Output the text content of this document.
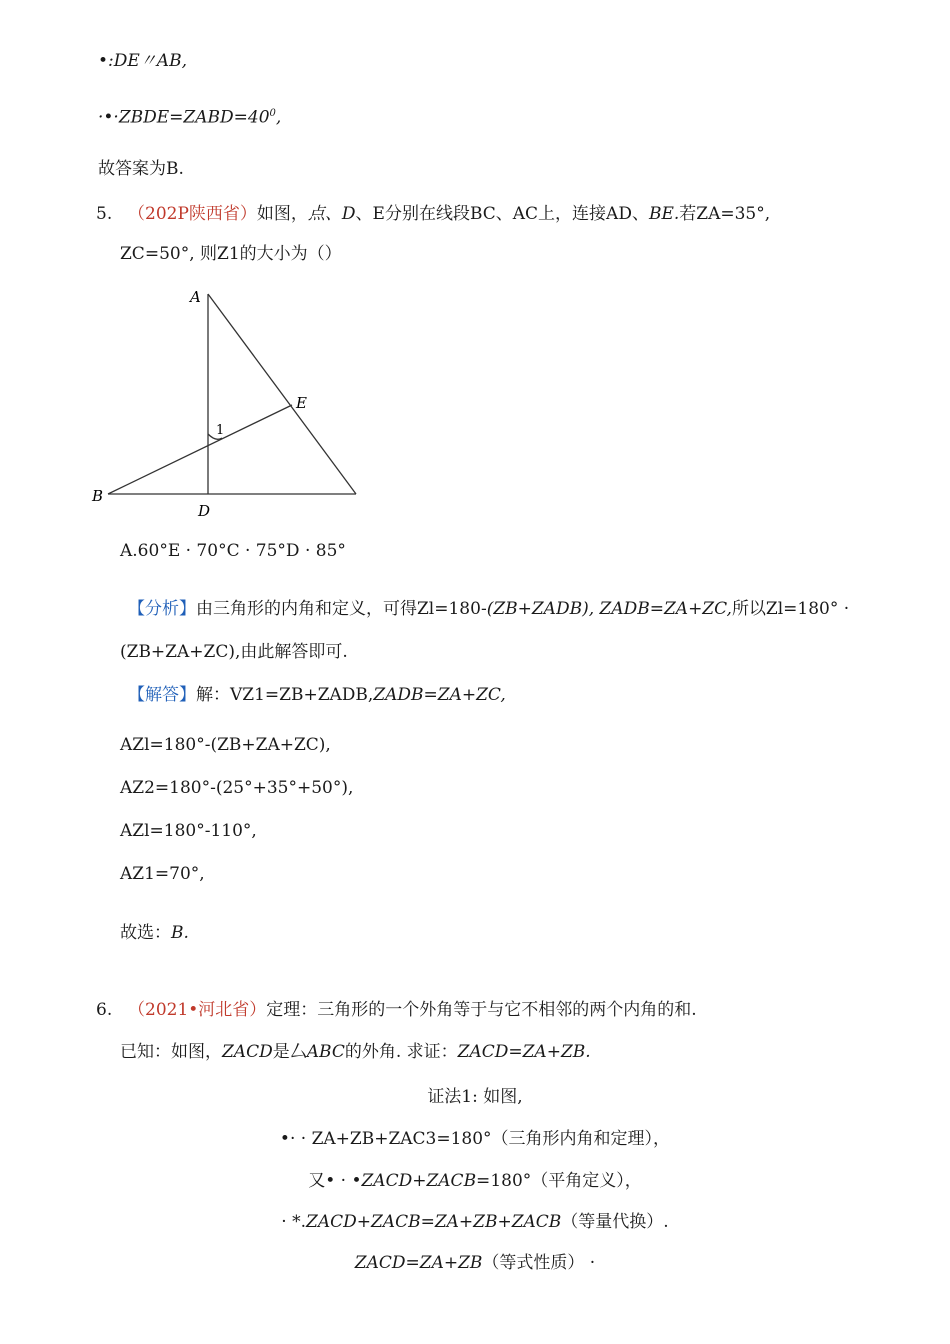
•:DE〃AB,
$\cdot•\cdot ZBDE=ZABD=40^0$,
故答案为B.
5. （202P陕西省）如图，点、D、E分别在线段BC、AC上，连接AD、BE.若ZA=35°,
ZC=50°, 则Z1的大小为（）
A
B
D
E
1
A.60°E · 70°C · 75°D · 85°
【分析】由三角形的内角和定义，可得Zl=180-(ZB+ZADB), ZADB=ZA+ZC,所以Zl=180° ·
(ZB+ZA+ZC),由此解答即可.
【解答】解：VZ1=ZB+ZADB,ZADB=ZA+ZC,
AZl=180°-(ZB+ZA+ZC),
AZ2=180°-(25°+35°+50°),
AZl=180°-110°,
AZ1=70°,
故选：B.
6. （2021•河北省）定理：三角形的一个外角等于与它不相邻的两个内角的和.
已知：如图，ZACD是厶ABC的外角. 求证：ZACD=ZA+ZB.
证法1: 如图,
•· · ZA+ZB+ZAC3=180°（三角形内角和定理），
又• · •ZACD+ZACB=180°（平角定义），
· *.ZACD+ZACB=ZA+ZB+ZACB（等量代换）.
ZACD=ZA+ZB（等式性质） ·
